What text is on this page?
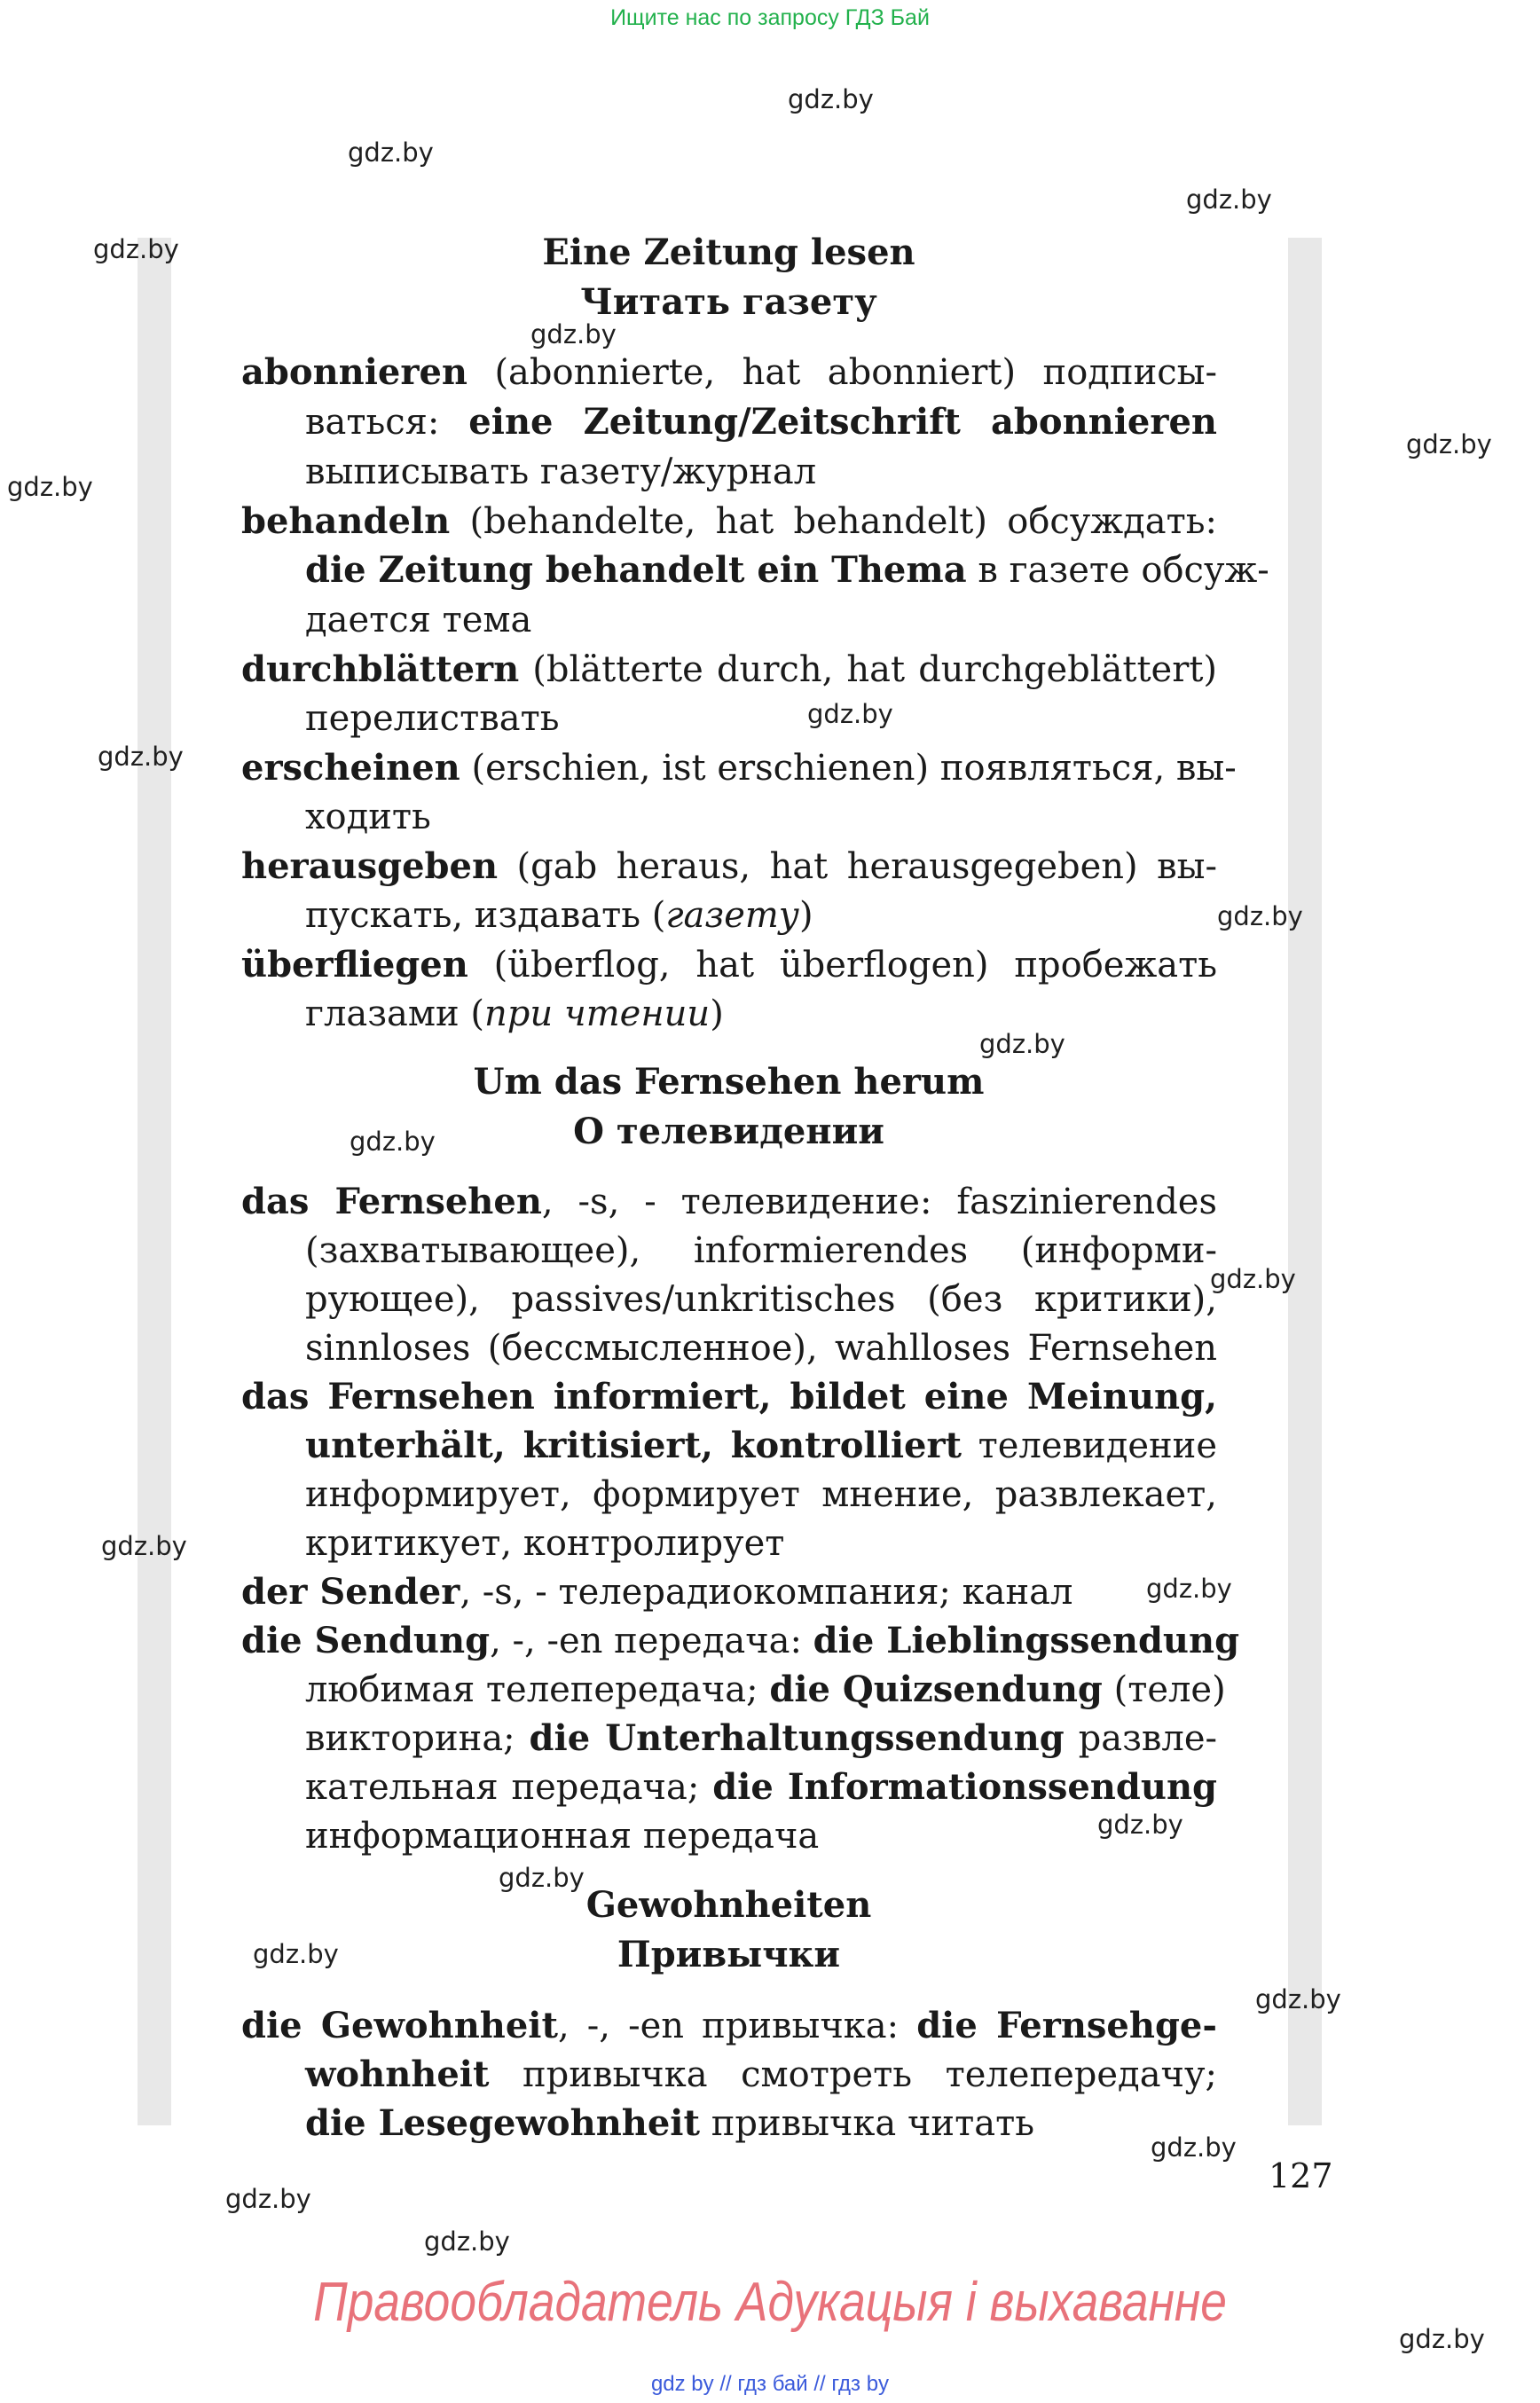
Ищите нас по запросу ГДЗ Бай
gdz.by
gdz.by
gdz.by
gdz.by
gdz.by
gdz.by
gdz.by
gdz.by
gdz.by
gdz.by
gdz.by
gdz.by
gdz.by
gdz.by
gdz.by
gdz.by
gdz.by
gdz.by
gdz.by
gdz.by
gdz.by
gdz.by
gdz.by
Eine Zeitung lesen
Читать газету
abonnieren (abonnierte, hat abonniert) подписы-
ваться: eine Zeitung/Zeitschrift abonnieren
выписывать газету/журнал
behandeln (behandelte, hat behandelt) обсуждать:
die Zeitung behandelt ein Thema в газете обсуж-
дается тема
durchblättern (blätterte durch, hat durchgeblättert)
перелиствать
erscheinen (erschien, ist erschienen) появляться, вы-
ходить
herausgeben (gab heraus, hat herausgegeben) вы-
пускать, издавать (газету)
überfliegen (überflog, hat überflogen) пробежать
глазами (при чтении)
Um das Fernsehen herum
О телевидении
das Fernsehen, -s, - телевидение: faszinierendes
(захватывающее), informierendes (информи-
рующее), passives/unkritisches (без критики),
sinnloses (бессмысленное), wahlloses Fernsehen
das Fernsehen informiert, bildet eine Meinung,
unterhält, kritisiert, kontrolliert телевидение
информирует, формирует мнение, развлекает,
критикует, контролирует
der Sender, -s, - телерадиокомпания; канал
die Sendung, -, -en передача: die Lieblingssendung
любимая телепередача; die Quizsendung (теле)
викторина; die Unterhaltungssendung развле-
кательная передача; die Informationssendung
информационная передача
Gewohnheiten
Привычки
die Gewohnheit, -, -en привычка: die Fernsehge-
wohnheit привычка смотреть телепередачу;
die Lesegewohnheit привычка читать
127
Правообладатель Адукацыя і выхаванне
gdz by // гдз бай // гдз by
